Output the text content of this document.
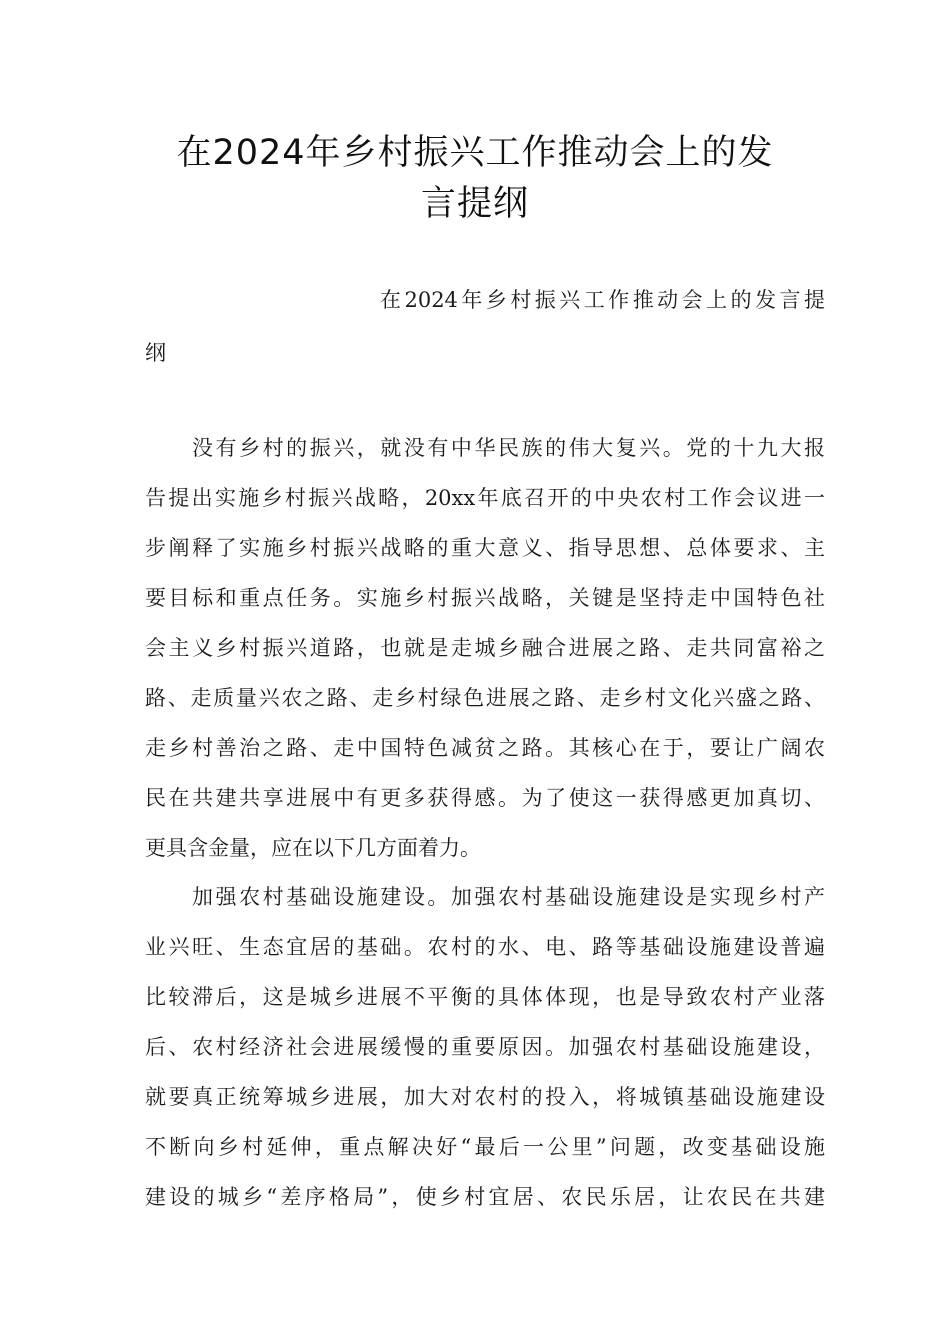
在2024年乡村振兴工作推动会上的发
言提纲
在2024年乡村振兴工作推动会上的发言提
纲
没有乡村的振兴，就没有中华民族的伟大复兴。党的十九大报
告提出实施乡村振兴战略，20xx年底召开的中央农村工作会议进一
步阐释了实施乡村振兴战略的重大意义、指导思想、总体要求、主
要目标和重点任务。实施乡村振兴战略，关键是坚持走中国特色社
会主义乡村振兴道路，也就是走城乡融合进展之路、走共同富裕之
路、走质量兴农之路、走乡村绿色进展之路、走乡村文化兴盛之路、
走乡村善治之路、走中国特色减贫之路。其核心在于，要让广阔农
民在共建共享进展中有更多获得感。为了使这一获得感更加真切、
更具含金量，应在以下几方面着力。
加强农村基础设施建设。加强农村基础设施建设是实现乡村产
业兴旺、生态宜居的基础。农村的水、电、路等基础设施建设普遍
比较滞后，这是城乡进展不平衡的具体体现，也是导致农村产业落
后、农村经济社会进展缓慢的重要原因。加强农村基础设施建设，
就要真正统筹城乡进展，加大对农村的投入，将城镇基础设施建设
不断向乡村延伸，重点解决好“最后一公里”问题，改变基础设施
建设的城乡“差序格局”，使乡村宜居、农民乐居，让农民在共建
